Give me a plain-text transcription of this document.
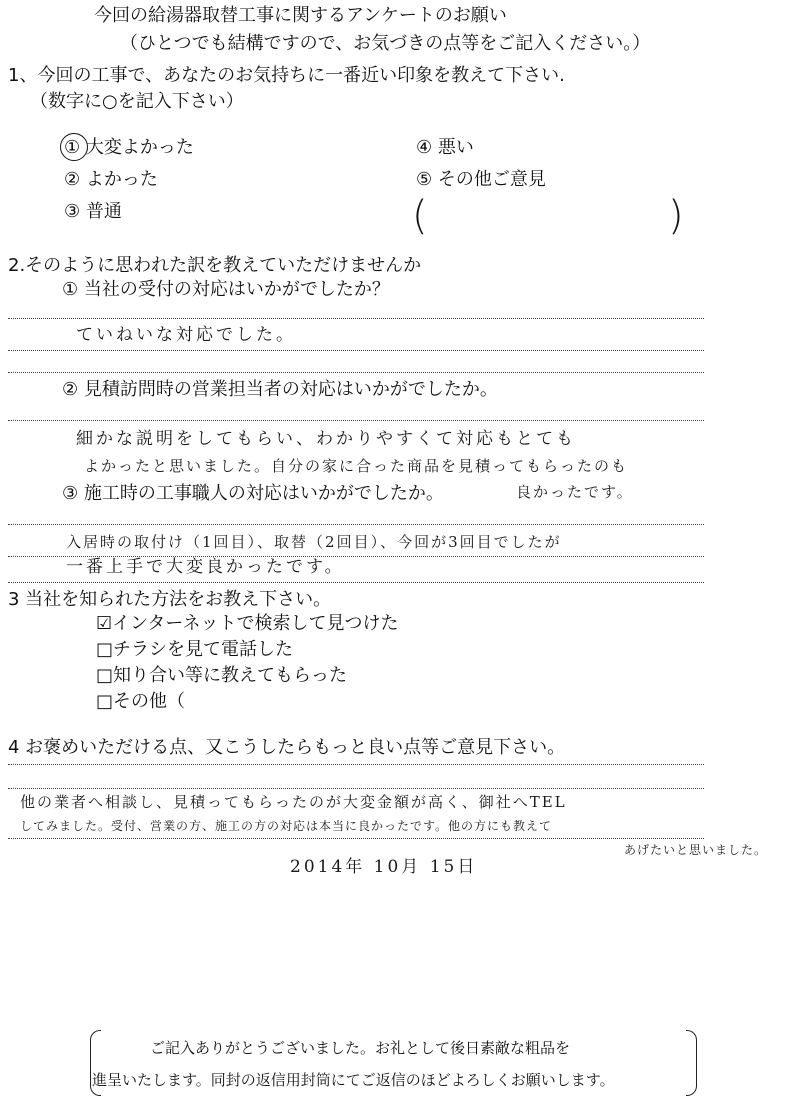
今回の給湯器取替工事に関するアンケートのお願い
（ひとつでも結構ですので、お気づきの点等をご記入ください。）
1、今回の工事で、あなたのお気持ちに一番近い印象を教えて下さい.
（数字に○を記入下さい）
① 大変よかった
② よかった
③ 普通
④ 悪い
⑤ その他ご意見
(	)
2.そのように思われた訳を教えていただけませんか
① 当社の受付の対応はいかがでしたか？
ていねいな対応でした。
② 見積訪問時の営業担当者の対応はいかがでしたか。
細かな説明をしてもらい、わかりやすくて対応もとても
よかったと思いました。自分の家に合った商品を見積ってもらったのも
③ 施工時の工事職人の対応はいかがでしたか。	良かったです。
入居時の取付け（1回目）、取替（2回目）、今回が3回目でしたが
一番上手で大変良かったです。
3 当社を知られた方法をお教え下さい。
☑インターネットで検索して見つけた
□チラシを見て電話した
□知り合い等に教えてもらった
□その他（
4 お褒めいただける点、又こうしたらもっと良い点等ご意見下さい。
他の業者へ相談し、見積ってもらったのが大変金額が高く、御社へTEL
してみました。受付、営業の方、施工の方の対応は本当に良かったです。他の方にも教えて
あげたいと思いました。
2014年 10月 15日
ご記入ありがとうございました。お礼として後日素敵な粗品を
進呈いたします。同封の返信用封筒にてご返信のほどよろしくお願いします。
